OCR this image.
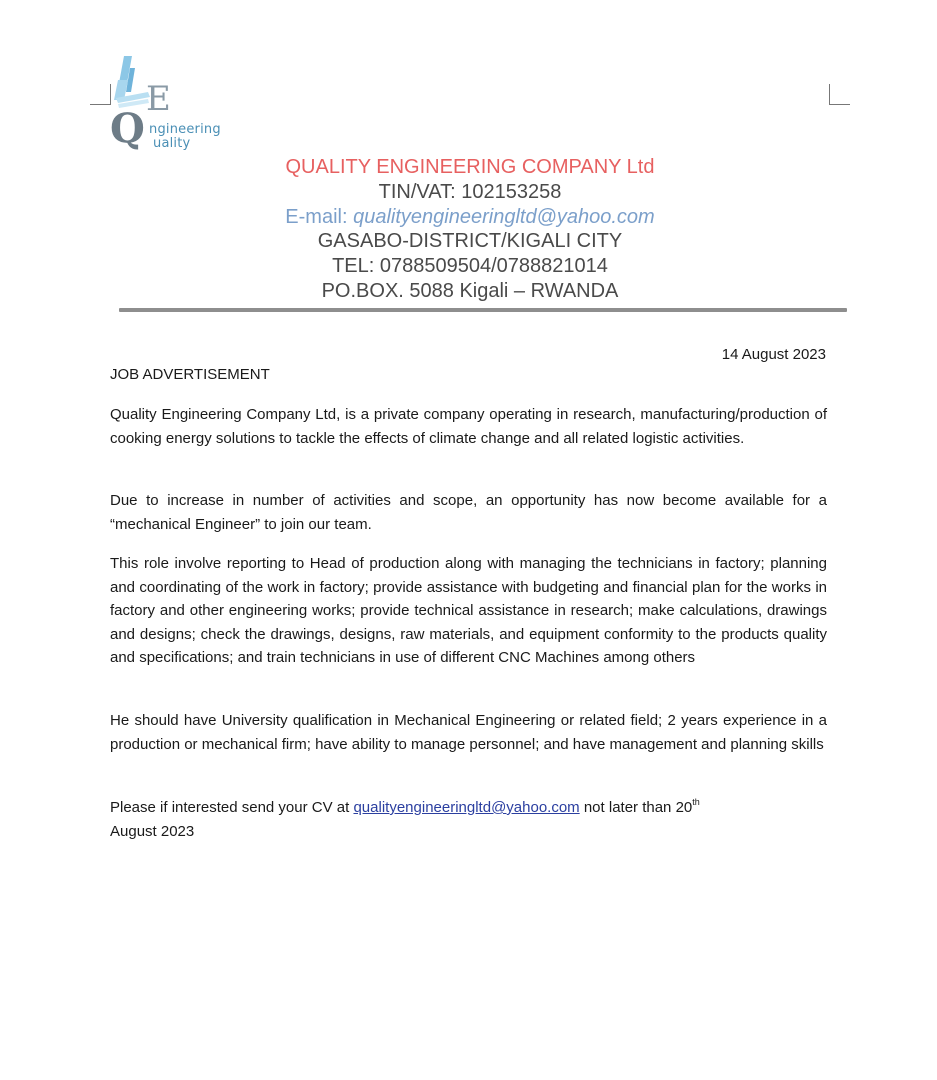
E
Q ngineering
uality
QUALITY ENGINEERING COMPANY Ltd
TIN/VAT: 102153258
E-mail: qualityengineeringltd@yahoo.com
GASABO-DISTRICT/KIGALI CITY
TEL: 0788509504/0788821014
PO.BOX. 5088 Kigali – RWANDA
14 August 2023
JOB ADVERTISEMENT

Quality Engineering Company Ltd, is a private company operating in research, manufacturing/production of cooking energy solutions to tackle the effects of climate change and all related logistic activities.

Due to increase in number of activities and scope, an opportunity has now become available for a “mechanical Engineer” to join our team.

This role involve reporting to Head of production along with managing the technicians in factory; planning and coordinating of the work in factory; provide assistance with budgeting and financial plan for the works in factory and other engineering works; provide technical assistance in research; make calculations, drawings and designs; check the drawings, designs, raw materials, and equipment conformity to the products quality and specifications; and train technicians in use of different CNC Machines among others

He should have University qualification in Mechanical Engineering or related field; 2 years experience in a production or mechanical firm; have ability to manage personnel; and have management and planning skills

Please if interested send your CV at qualityengineeringltd@yahoo.com not later than 20th
August 2023
